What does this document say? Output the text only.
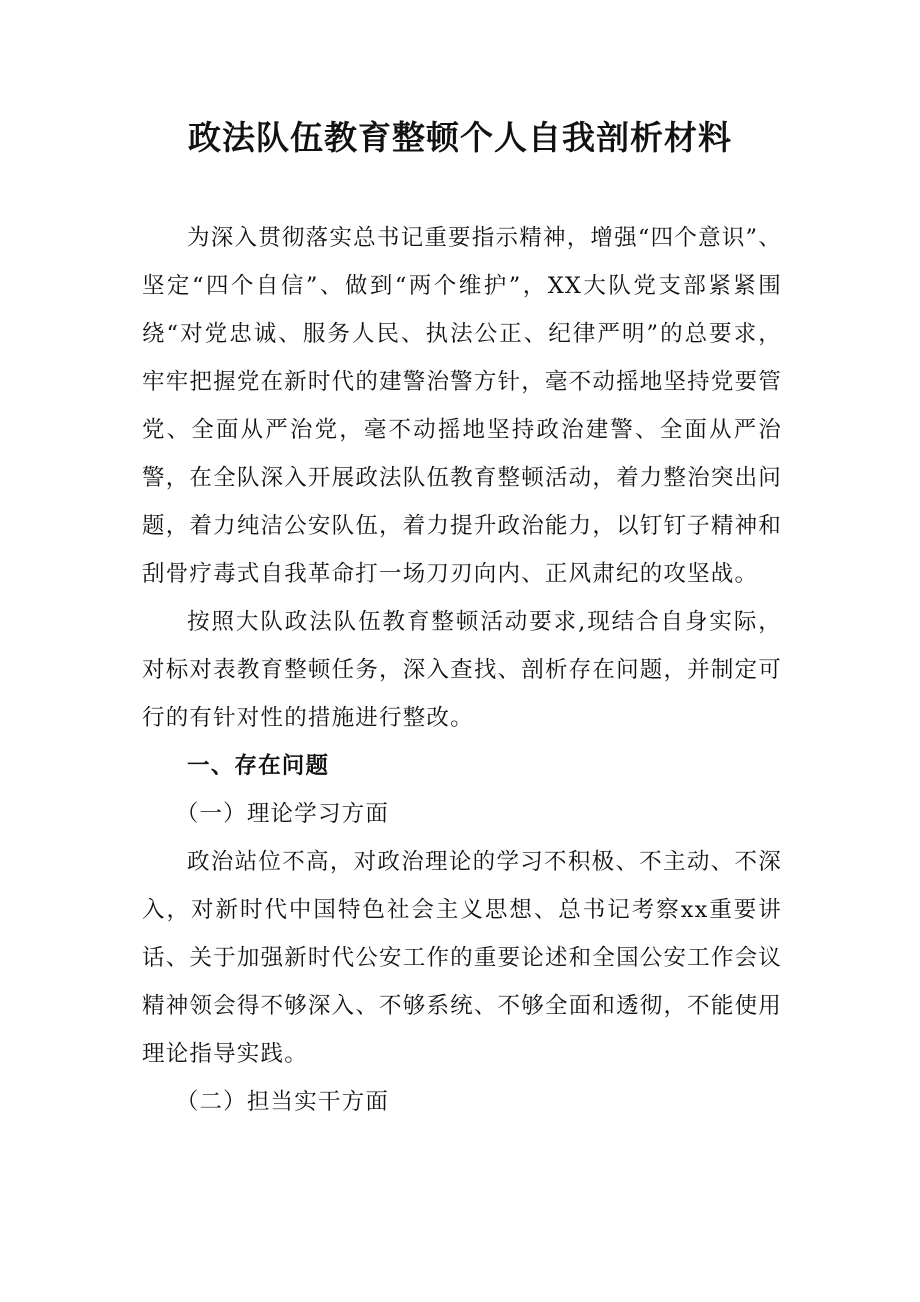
政法队伍教育整顿个人自我剖析材料

为深入贯彻落实总书记重要指示精神，增强“四个意识”、坚定“四个自信”、做到“两个维护”，XX大队党支部紧紧围绕“对党忠诚、服务人民、执法公正、纪律严明”的总要求，牢牢把握党在新时代的建警治警方针，毫不动摇地坚持党要管党、全面从严治党，毫不动摇地坚持政治建警、全面从严治警，在全队深入开展政法队伍教育整顿活动，着力整治突出问题，着力纯洁公安队伍，着力提升政治能力，以钉钉子精神和刮骨疗毒式自我革命打一场刀刃向内、正风肃纪的攻坚战。

按照大队政法队伍教育整顿活动要求,现结合自身实际，对标对表教育整顿任务，深入查找、剖析存在问题，并制定可行的有针对性的措施进行整改。

一、存在问题

（一）理论学习方面

政治站位不高，对政治理论的学习不积极、不主动、不深入，对新时代中国特色社会主义思想、总书记考察xx重要讲话、关于加强新时代公安工作的重要论述和全国公安工作会议精神领会得不够深入、不够系统、不够全面和透彻，不能使用理论指导实践。

（二）担当实干方面
